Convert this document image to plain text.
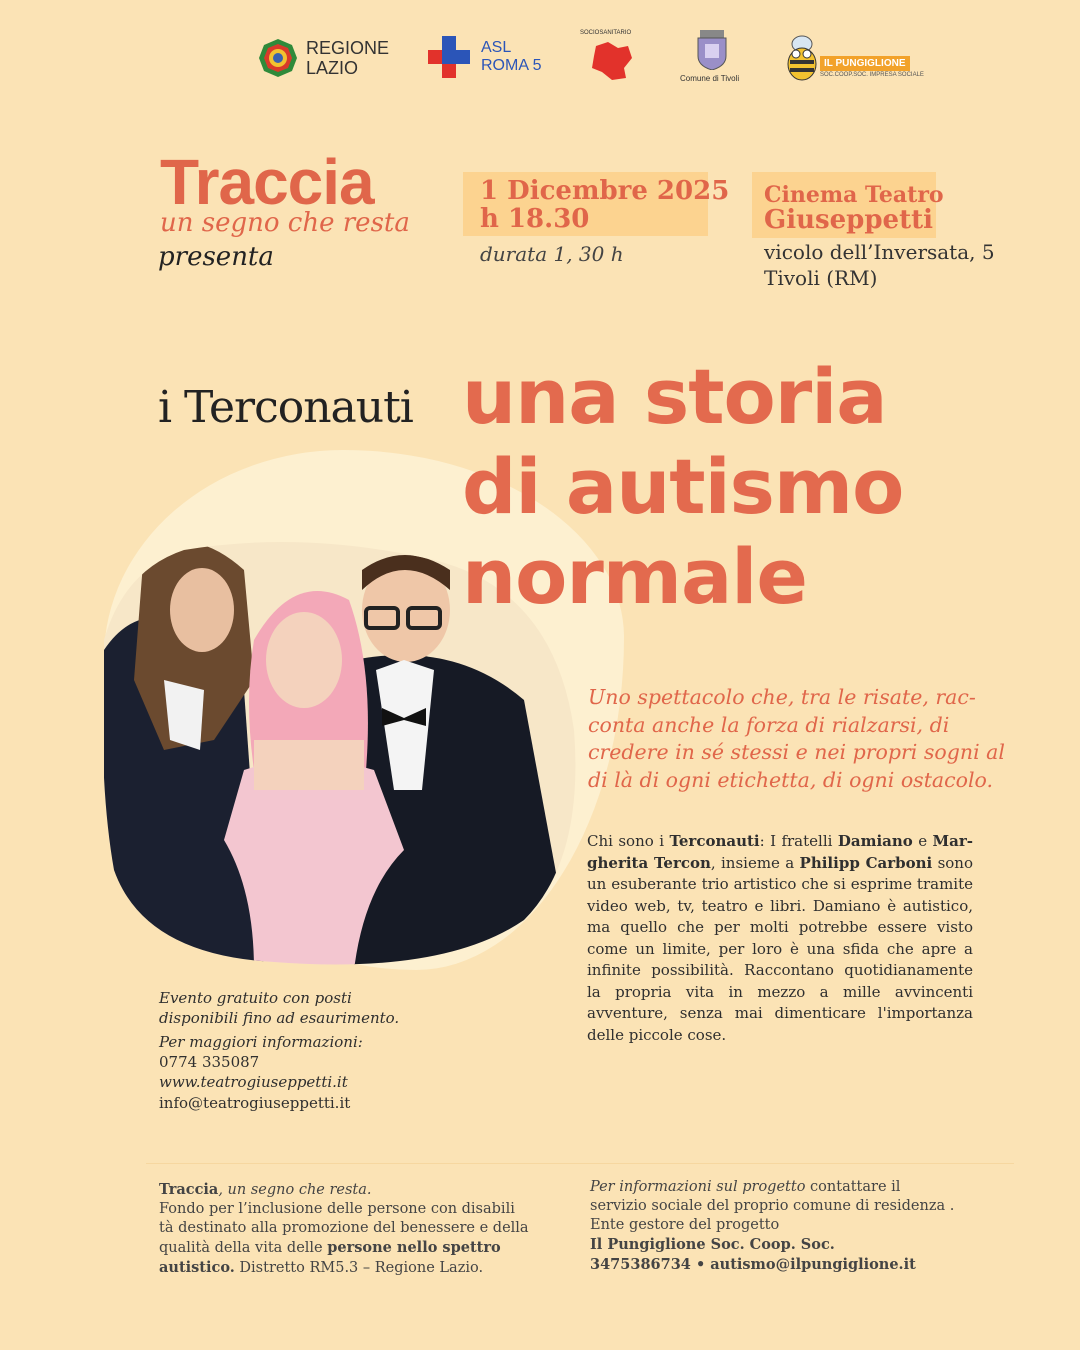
REGIONE
LAZIO
ASL
ROMA 5
SOCIOSANITARIO
Comune di Tivoli
IL PUNGIGLIONE
SOC.COOP.SOC. IMPRESA SOCIALE
Traccia
un segno che resta
presenta
1 Dicembre 2025
h 18.30
durata 1, 30 h
Cinema Teatro
Giuseppetti
vicolo dell’Inversata, 5
Tivoli (RM)
i Terconauti una storia
di autismo
normale
Uno spettacolo che, tra le risate, rac-
conta anche la forza di rialzarsi, di
credere in sé stessi e nei propri sogni al
di là di ogni etichetta, di ogni ostacolo.
Chi sono i Terconauti: I fratelli Damiano e Mar-gherita Tercon, insieme a Philipp Carboni sono un esuberante trio artistico che si esprime tramite video web, tv, teatro e libri. Damiano è autistico, ma quello che per molti potrebbe essere visto come un limite, per loro è una sfida che apre a infinite possibilità. Raccontano quotidianamente la propria vita in mezzo a mille avvincenti avventure, senza mai dimenticare l'importanza delle piccole cose.
Evento gratuito con posti
disponibili fino ad esaurimento.
Per maggiori informazioni:
0774 335087
www.teatrogiuseppetti.it
info@teatrogiuseppetti.it
Traccia, un segno che resta.
Fondo per l’inclusione delle persone con disabili
tà destinato alla promozione del benessere e della
qualità della vita delle persone nello spettro
autistico. Distretto RM5.3 – Regione Lazio.
Per informazioni sul progetto contattare il
servizio sociale del proprio comune di residenza .
Ente gestore del progetto
Il Pungiglione Soc. Coop. Soc.
3475386734 • autismo@ilpungiglione.it
